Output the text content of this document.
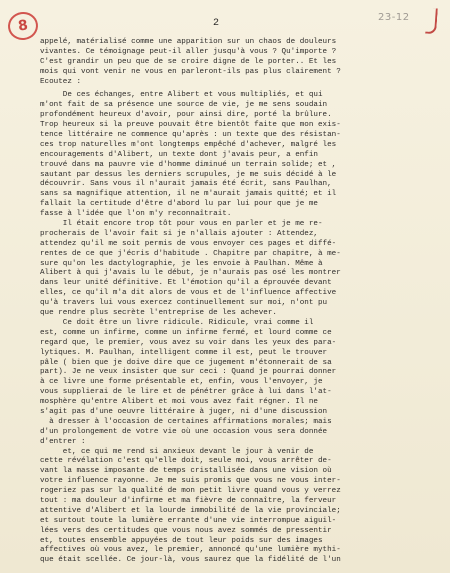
8	2
23-12
appelé, matérialisé comme une apparition sur un chaos de douleurs
vivantes. Ce témoignage peut-il aller jusqu'à vous ? Qu'importe ?
C'est grandir un peu que de se croire digne de le porter.. Et les
mois qui vont venir ne vous en parleront-ils pas plus clairement ?
Ecoutez :
De ces échanges, entre Alibert et vous multipliés, et qui
m'ont fait de sa présence une source de vie, je me sens soudain
profondément heureux d'avoir, pour ainsi dire, porté la brûlure.
Trop heureux si la preuve pouvait être bientôt faite que mon exis-
tence littéraire ne commence qu'après : un texte que des résistan-
ces trop naturelles m'ont longtemps empêché d'achever, malgré les
encouragements d'Alibert, un texte dont j'avais peur, a enfin
trouvé dans ma pauvre vie d'homme diminué un terrain solide; et ,
sautant par dessus les derniers scrupules, je me suis décidé à le
découvrir. Sans vous il n'aurait jamais été écrit, sans Paulhan,
sans sa magnifique attention, il ne m'aurait jamais quitté; et il
fallait la certitude d'être d'abord lu par lui pour que je me
fasse à l'idée que l'on m'y reconnaîtrait.
Il était encore trop tôt pour vous en parler et je me re-
procherais de l'avoir fait si je n'allais ajouter : Attendez,
attendez qu'il me soit permis de vous envoyer ces pages et diffé-
rentes de ce que j'écris d'habitude . Chapitre par chapitre, à me-
sure qu'on les dactylographie, je les envoie à Paulhan. Même à
Alibert à qui j'avais lu le début, je n'aurais pas osé les montrer
dans leur unité définitive. Et l'émotion qu'il a éprouvée devant
elles, ce qu'il m'a dit alors de vous et de l'influence affective
qu'à travers lui vous exercez continuellement sur moi, n'ont pu
que rendre plus secrète l'entreprise de les achever.
Ce doit être un livre ridicule. Ridicule, vrai comme il
est, comme un infirme, comme un infirme fermé, et lourd comme ce
regard que, le premier, vous avez su voir dans les yeux des para-
lytiques. M. Paulhan, intelligent comme il est, peut le trouver
pâle ( bien que je doive dire que ce jugement m'étonnerait de sa
part). Je ne veux insister que sur ceci : Quand je pourrai donner
à ce livre une forme présentable et, enfin, vous l'envoyer, je
vous supplierai de le lire et de pénétrer grâce à lui dans l'at-
mosphère qu'entre Alibert et moi vous avez fait régner. Il ne
s'agit pas d'une oeuvre littéraire à juger, ni d'une discussion
à dresser à l'occasion de certaines affirmations morales; mais
d'un prolongement de votre vie où une occasion vous sera donnée
d'entrer :
et, ce qui me rend si anxieux devant le jour à venir de
cette révélation c'est qu'elle doit, seule moi, vous arrêter de-
vant la masse imposante de temps cristallisée dans une vision où
votre influence rayonne. Je me suis promis que vous ne vous inter-
rogeriez pas sur la qualité de mon petit livre quand vous y verrez
tout : ma douleur d'infirme et ma fièvre de connaître, la ferveur
attentive d'Alibert et la lourde immobilité de la vie provinciale;
et surtout toute la lumière errante d'une vie interrompue aiguil-
lées vers des certitudes que vous nous avez sommés de pressentir
et, toutes ensemble appuyées de tout leur poids sur des images
affectives où vous avez, le premier, annoncé qu'une lumière mythi-
que était scellée. Ce jour-là, vous saurez que la fidélité de l'un
